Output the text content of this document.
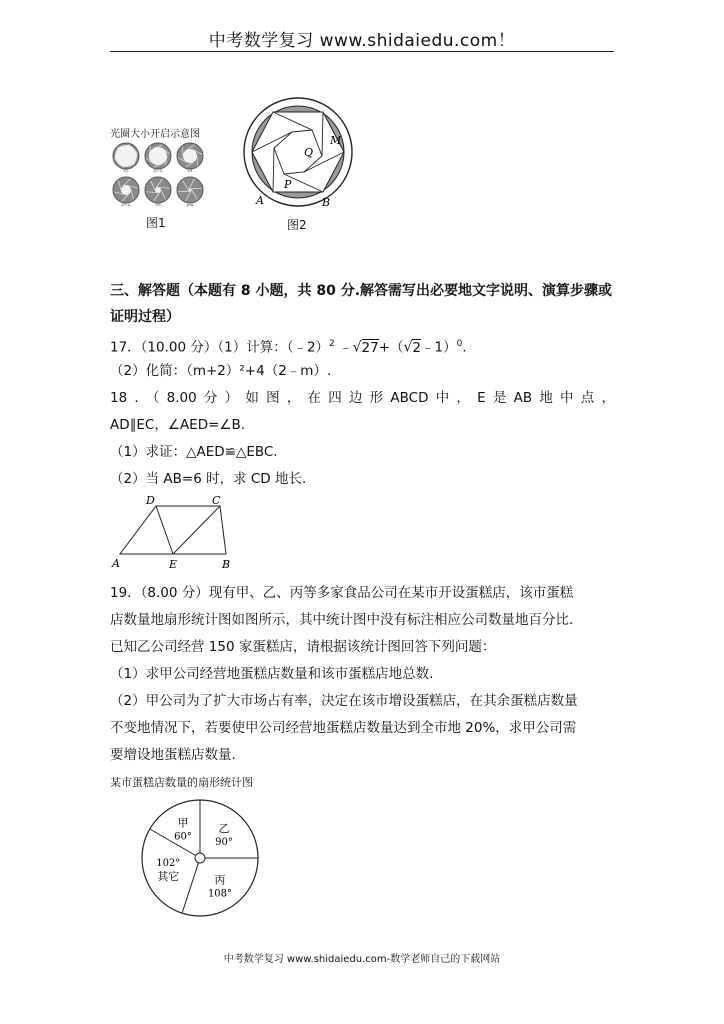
中考数学复习 www.shidaiedu.com！
光圈大小开启示意图
f/2	f/2.8	f/4
f/5.6	f/8	pin
图1
Q
M
P
A	B
图2
三、解答题（本题有 8 小题，共 80 分.解答需写出必要地文字说明、演算步骤或
证明过程）
17．（10.00 分）（1）计算：（﹣2）$^2$ ﹣√27+（√2﹣1）$^0$.
（2）化简：（m+2）²+4（2﹣m）.
18 . （ 8.00 分 ） 如 图 ， 在 四 边 形 ABCD 中 ， E 是 AB 地 中 点 ，
AD∥EC，∠AED=∠B.
（1）求证：△AED≌△EBC.
（2）当 AB=6 时，求 CD 地长.
D	C
A	E	B
19．（8.00 分）现有甲、乙、丙等多家食品公司在某市开设蛋糕店，该市蛋糕
店数量地扇形统计图如图所示，其中统计图中没有标注相应公司数量地百分比．
已知乙公司经营 150 家蛋糕店，请根据该统计图回答下列问题：
（1）求甲公司经营地蛋糕店数量和该市蛋糕店地总数.
（2）甲公司为了扩大市场占有率，决定在该市增设蛋糕店，在其余蛋糕店数量
不变地情况下，若要使甲公司经营地蛋糕店数量达到全市地 20%，求甲公司需
要增设地蛋糕店数量.
某市蛋糕店数量的扇形统计图
甲
60°
乙
90°
丙
108°
其它
102°
中考数学复习 www.shidaiedu.com-数学老师自己的下载网站
